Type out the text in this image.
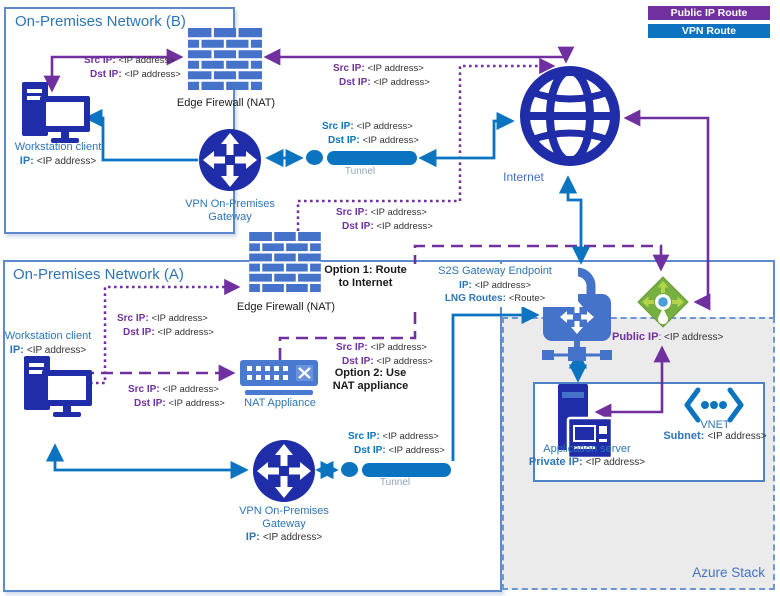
On-Premises Network (B)
On-Premises Network (A)
Azure Stack
Public IP Route
VPN Route
Workstation client
IP: <IP address>
Edge Firewall (NAT)
VPN On-Premises
Gateway
Tunnel	Internet
Workstation client
IP: <IP address>
Edge Firewall (NAT)
Option 1: Route
to Internet
Option 2: Use
NAT appliance
NAT Appliance
VPN On-Premises
Gateway
IP: <IP address>
Tunnel
S2S Gateway Endpoint
IP: <IP address>
LNG Routes: <Route>
Public IP: <IP address>
Application server
Private IP: <IP address>
VNET
Subnet: <IP address>
Src IP: <IP address>
Dst IP: <IP address>	Src IP: <IP address>
Dst IP: <IP address>
Src IP: <IP address>
Dst IP: <IP address>
Src IP: <IP address>
Dst IP: <IP address>
Src IP: <IP address>
Dst IP: <IP address>
Src IP: <IP address>
Dst IP: <IP address>
Src IP: <IP address>
Dst IP: <IP address>
Src IP: <IP address>
Dst IP: <IP address>
